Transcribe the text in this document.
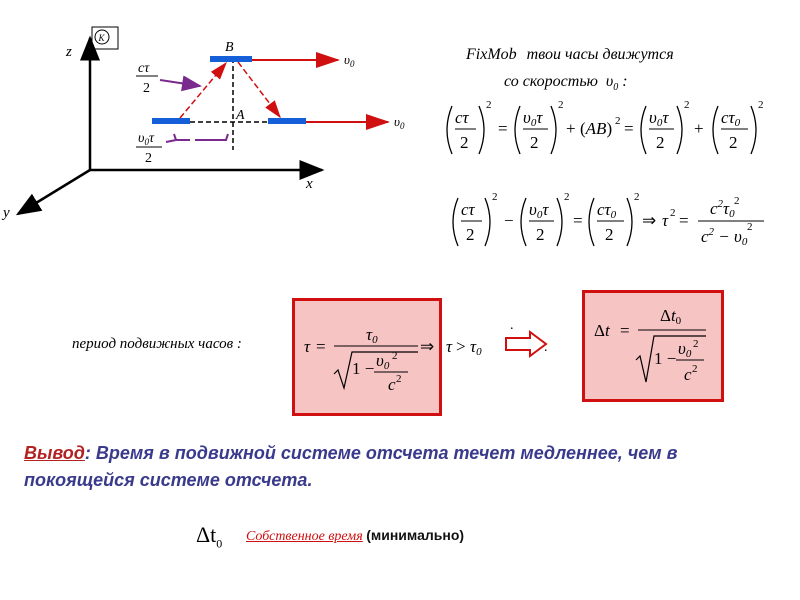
z
x
y
K
B
A
$\upsilon_0$
$\upsilon_0$
cτ
2
$\upsilon_0\tau$
2
FixMob твои часы движутся
со скоростью $\upsilon_0$ :
cτ
2
2
=
υ0τ
2
2
+ (AB) 2 =
υ0τ
2
2
+
cτ0
2
2
cτ
2
2
−
υ0τ
2
2
=
cτ0
2
2
⇒ τ 2 =
$c^2\tau 0$
2
$c^2 - \upsilon 0$
2
период подвижных часов :	τ =
τ0
1 − υ0
2
c 2
⇒ τ > τ0
.
.
Δt =
Δt0
1 −
υ0
2
c 2
Вывод: Время в подвижной системе отсчета течет медленнее, чем в покоящейся системе отсчета.
$\Delta t_0$ Собственное время (минимально)
